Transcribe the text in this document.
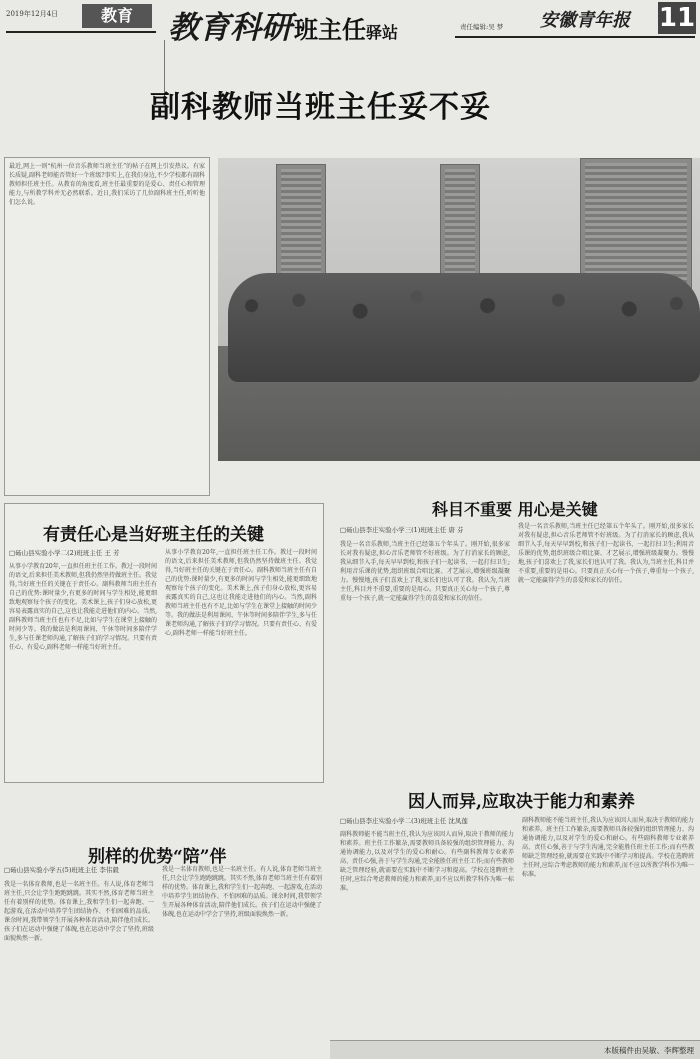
2019年12月4日	教育	教育科研 班主任 驿站	责任编辑:吴 梦 安徽青年报 11
副科教师当班主任妥不妥
最近,网上一则“杭州一位音乐教师当班主任”的帖子在网上引发热议。有家长质疑,副科老师能否管好一个班级?事实上,在我们身边,不少学校都有副科教师担任班主任。从教育的角度看,班主任最重要的是爱心、责任心和管理能力,与所教学科并无必然联系。近日,我们采访了几位副科班主任,听听他们怎么说。
有责任心是当好班主任的关键
□砀山县实验小学二(2)班班主任 王 芳
从事小学教育20年,一直担任班主任工作。教过一段时间的语文,后来担任美术教师,但我仍然坚持做班主任。我觉得,当好班主任的关键在于责任心。副科教师当班主任有自己的优势:课时量少,有更多的时间与学生相处,能更细致地观察每个孩子的变化。美术课上,孩子们身心放松,更容易表露真实的自己,这也让我能走进他们的内心。当然,副科教师当班主任也有不足,比如与学生在课堂上接触的时间少等。我的做法是利用课间、午休等时间多陪伴学生,多与任课老师沟通,了解孩子们的学习情况。只要有责任心、有爱心,副科老师一样能当好班主任。
从事小学教育20年,一直担任班主任工作。教过一段时间的语文,后来担任美术教师,但我仍然坚持做班主任。我觉得,当好班主任的关键在于责任心。副科教师当班主任有自己的优势:课时量少,有更多的时间与学生相处,能更细致地观察每个孩子的变化。美术课上,孩子们身心放松,更容易表露真实的自己,这也让我能走进他们的内心。当然,副科教师当班主任也有不足,比如与学生在课堂上接触的时间少等。我的做法是利用课间、午休等时间多陪伴学生,多与任课老师沟通,了解孩子们的学习情况。只要有责任心、有爱心,副科老师一样能当好班主任。
科目不重要 用心是关键
□砀山县李庄实验小学三(1)班班主任 唐 芬
我是一名音乐教师,当班主任已经第五个年头了。刚开始,很多家长对我有疑虑,担心音乐老师管不好班级。为了打消家长的顾虑,我从细节入手,每天早早到校,和孩子们一起读书、一起打扫卫生;利用音乐课的优势,组织班级合唱比赛、才艺展示,增强班级凝聚力。慢慢地,孩子们喜欢上了我,家长们也认可了我。我认为,当班主任,科目并不重要,重要的是用心。只要真正关心每一个孩子,尊重每一个孩子,就一定能赢得学生的喜爱和家长的信任。
我是一名音乐教师,当班主任已经第五个年头了。刚开始,很多家长对我有疑虑,担心音乐老师管不好班级。为了打消家长的顾虑,我从细节入手,每天早早到校,和孩子们一起读书、一起打扫卫生;利用音乐课的优势,组织班级合唱比赛、才艺展示,增强班级凝聚力。慢慢地,孩子们喜欢上了我,家长们也认可了我。我认为,当班主任,科目并不重要,重要的是用心。只要真正关心每一个孩子,尊重每一个孩子,就一定能赢得学生的喜爱和家长的信任。
别样的优势“陪”伴
□砀山县实验小学五(5)班班主任 李伟毅
我是一名体育教师,也是一名班主任。有人说,体育老师当班主任,只会让学生跑跑跳跳。其实不然,体育老师当班主任有着别样的优势。体育课上,我和学生们一起奔跑、一起游戏,在活动中培养学生团结协作、不怕困难的品质。课余时间,我带领学生开展各种体育活动,陪伴他们成长。孩子们在运动中强健了体魄,也在运动中学会了坚持,班级面貌焕然一新。
我是一名体育教师,也是一名班主任。有人说,体育老师当班主任,只会让学生跑跑跳跳。其实不然,体育老师当班主任有着别样的优势。体育课上,我和学生们一起奔跑、一起游戏,在活动中培养学生团结协作、不怕困难的品质。课余时间,我带领学生开展各种体育活动,陪伴他们成长。孩子们在运动中强健了体魄,也在运动中学会了坚持,班级面貌焕然一新。
因人而异,应取决于能力和素养
□砀山县李庄实验小学二(3)班班主任 沈凤莲
副科教师能不能当班主任,我认为应该因人而异,取决于教师的能力和素养。班主任工作繁杂,需要教师具备较强的组织管理能力、沟通协调能力,以及对学生的爱心和耐心。有些副科教师专业素养高、责任心强,善于与学生沟通,完全能胜任班主任工作;而有些教师缺乏管理经验,就需要在实践中不断学习和提高。学校在选聘班主任时,应综合考虑教师的能力和素养,而不应以所教学科作为唯一标准。
副科教师能不能当班主任,我认为应该因人而异,取决于教师的能力和素养。班主任工作繁杂,需要教师具备较强的组织管理能力、沟通协调能力,以及对学生的爱心和耐心。有些副科教师专业素养高、责任心强,善于与学生沟通,完全能胜任班主任工作;而有些教师缺乏管理经验,就需要在实践中不断学习和提高。学校在选聘班主任时,应综合考虑教师的能力和素养,而不应以所教学科作为唯一标准。
本版稿件由吴敏、李辉整理
